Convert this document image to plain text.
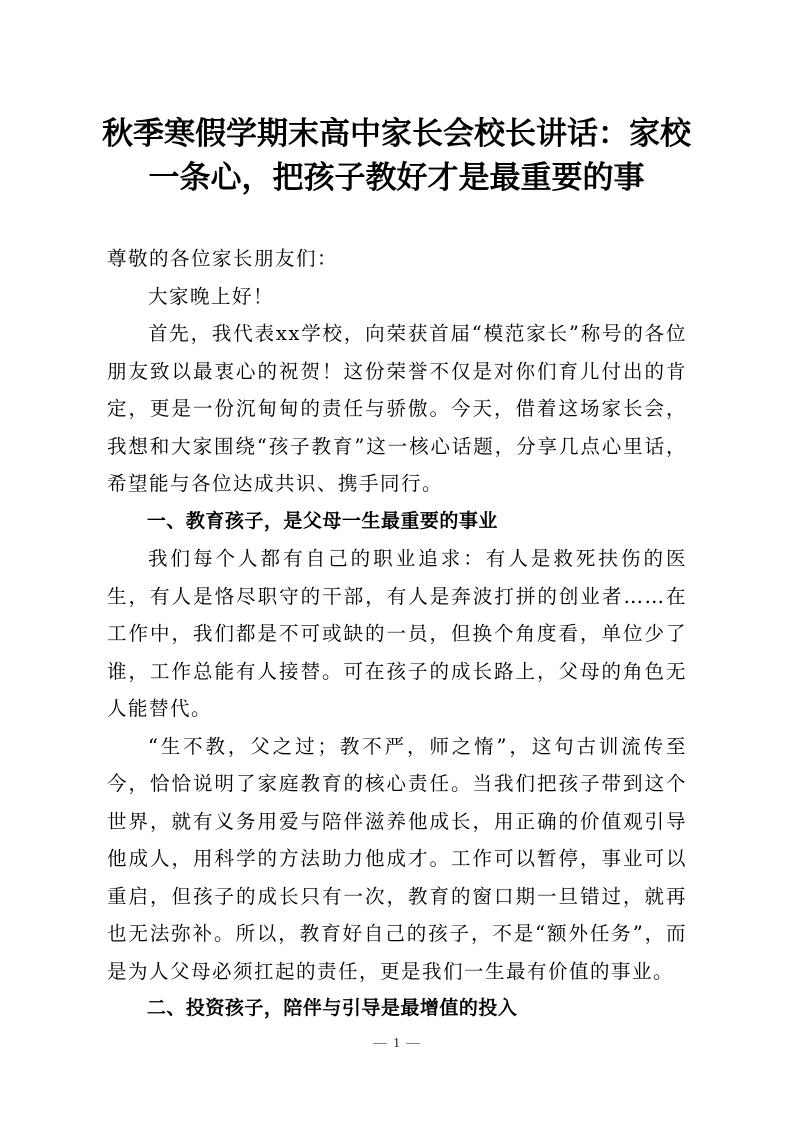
秋季寒假学期末高中家长会校长讲话：家校一条心，把孩子教好才是最重要的事

尊敬的各位家长朋友们：

大家晚上好！

首先，我代表xx学校，向荣获首届“模范家长”称号的各位朋友致以最衷心的祝贺！这份荣誉不仅是对你们育儿付出的肯定，更是一份沉甸甸的责任与骄傲。今天，借着这场家长会，我想和大家围绕“孩子教育”这一核心话题，分享几点心里话，希望能与各位达成共识、携手同行。

一、教育孩子，是父母一生最重要的事业

我们每个人都有自己的职业追求：有人是救死扶伤的医生，有人是恪尽职守的干部，有人是奔波打拼的创业者……在工作中，我们都是不可或缺的一员，但换个角度看，单位少了谁，工作总能有人接替。可在孩子的成长路上，父母的角色无人能替代。

“生不教，父之过；教不严，师之惰”，这句古训流传至今，恰恰说明了家庭教育的核心责任。当我们把孩子带到这个世界，就有义务用爱与陪伴滋养他成长，用正确的价值观引导他成人，用科学的方法助力他成才。工作可以暂停，事业可以重启，但孩子的成长只有一次，教育的窗口期一旦错过，就再也无法弥补。所以，教育好自己的孩子，不是“额外任务”，而是为人父母必须扛起的责任，更是我们一生最有价值的事业。

二、投资孩子，陪伴与引导是最增值的投入
1
